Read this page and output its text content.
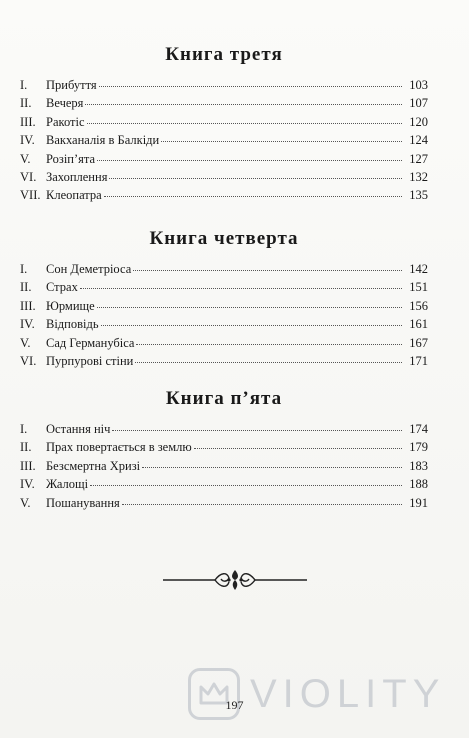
Книга третя
I.	Прибуття	103
II.	Вечеря	107
III. Ракотіс	120
IV. Вакханалія в Балкіди	124
V.	Розіп’ята	127
VI. Захоплення	132
VII. Клеопатра	135
Книга четверта
I.	Сон Деметріоса	142
II.	Страх	151
III. Юрмище	156
IV. Відповідь	161
V.	Сад Германубіса	167
VI. Пурпурові стіни	171
Книга п’ята
I.	Остання ніч	174
II.	Прах повертається в землю	179
III. Безсмертна Хризі	183
IV. Жалощі	188
V.	Пошанування	191
VIOLITY
197
